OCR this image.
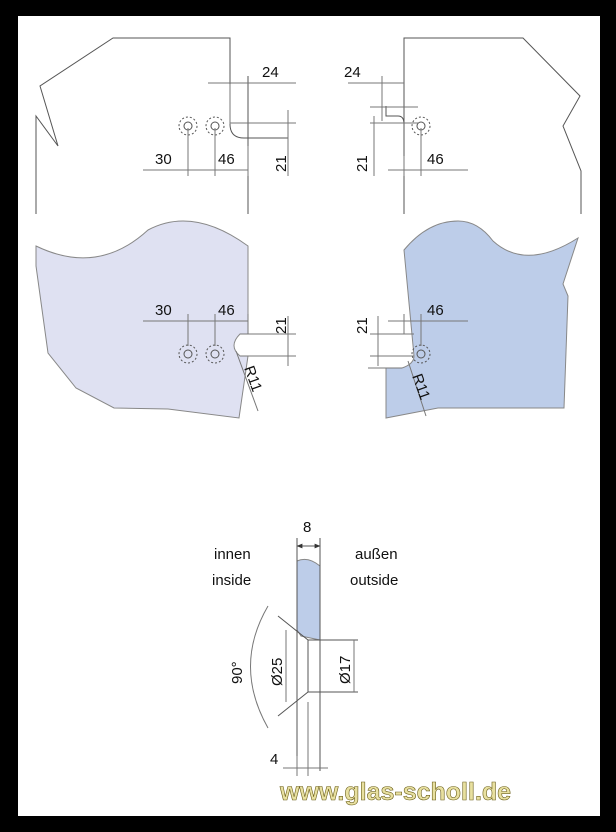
24
30	46	21
24
21	46
30	46
21
R11
21
46
R11
8
innen
inside
außen
outside
90° Ø25	Ø17
4
www.glas-scholl.de
